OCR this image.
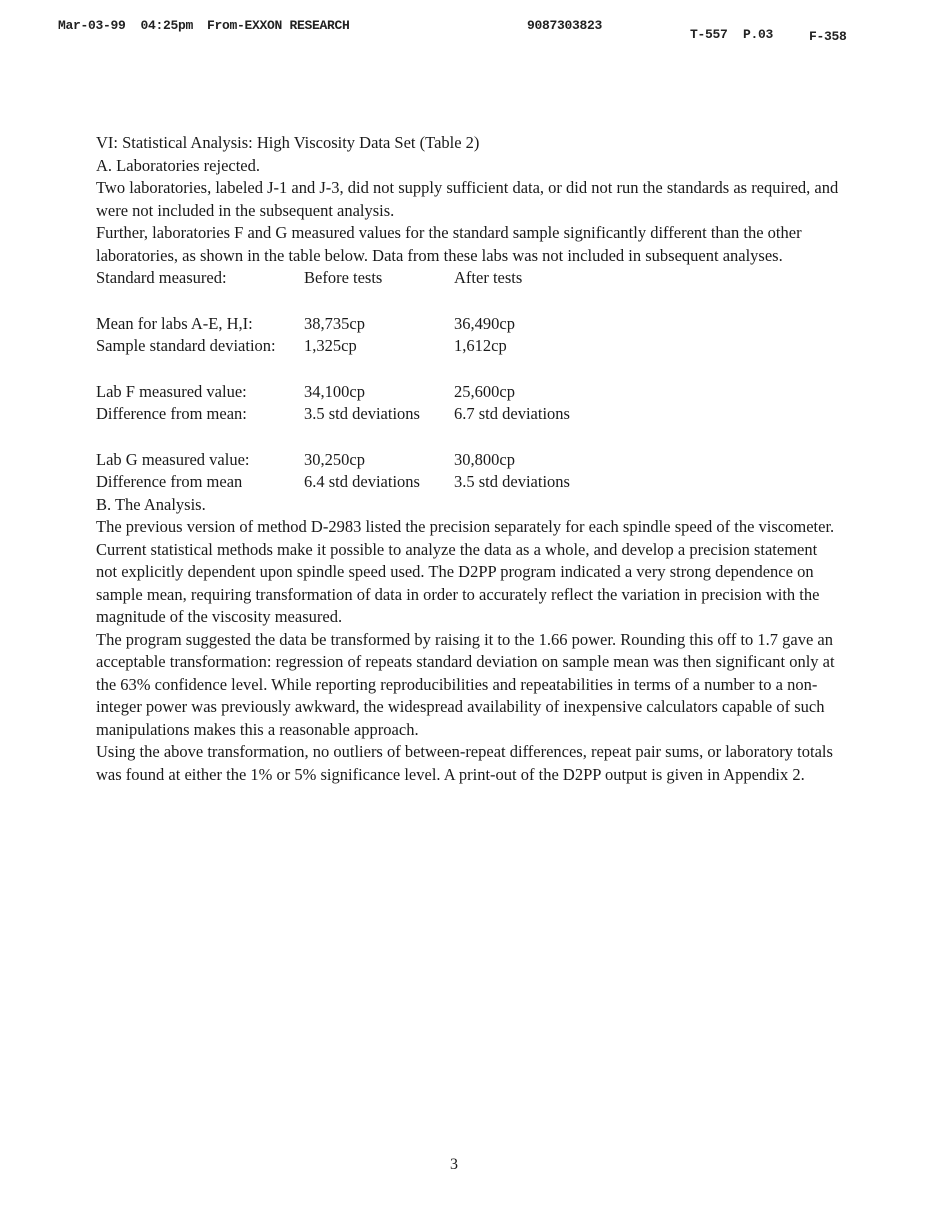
Mar-03-99  04:25pm From-EXXON RESEARCH	9087303823
T-557 P.03	F-358

VI: Statistical Analysis: High Viscosity Data Set (Table 2)

A. Laboratories rejected.

Two laboratories, labeled J-1 and J-3, did not supply sufficient data, or did not run the standards as required, and were not included in the subsequent analysis.

Further, laboratories F and G measured values for the standard sample significantly different than the other laboratories, as shown in the table below. Data from these labs was not included in subsequent analyses.

Standard measured:	Before tests	After tests

Mean for labs A-E, H,I:	38,735cp	36,490cp
Sample standard deviation:	1,325cp	1,612cp

Lab F measured value:	34,100cp	25,600cp
Difference from mean:	3.5 std deviations	6.7 std deviations

Lab G measured value:	30,250cp	30,800cp
Difference from mean	6.4 std deviations	3.5 std deviations

B. The Analysis.

The previous version of method D-2983 listed the precision separately for each spindle speed of the viscometer. Current statistical methods make it possible to analyze the data as a whole, and develop a precision statement not explicitly dependent upon spindle speed used. The D2PP program indicated a very strong dependence on sample mean, requiring transformation of data in order to accurately reflect the variation in precision with the magnitude of the viscosity measured.

The program suggested the data be transformed by raising it to the 1.66 power. Rounding this off to 1.7 gave an acceptable transformation: regression of repeats standard deviation on sample mean was then significant only at the 63% confidence level. While reporting reproducibilities and repeatabilities in terms of a number to a non-integer power was previously awkward, the widespread availability of inexpensive calculators capable of such manipulations makes this a reasonable approach.

Using the above transformation, no outliers of between-repeat differences, repeat pair sums, or laboratory totals was found at either the 1% or 5% significance level. A print-out of the D2PP output is given in Appendix 2.

3
